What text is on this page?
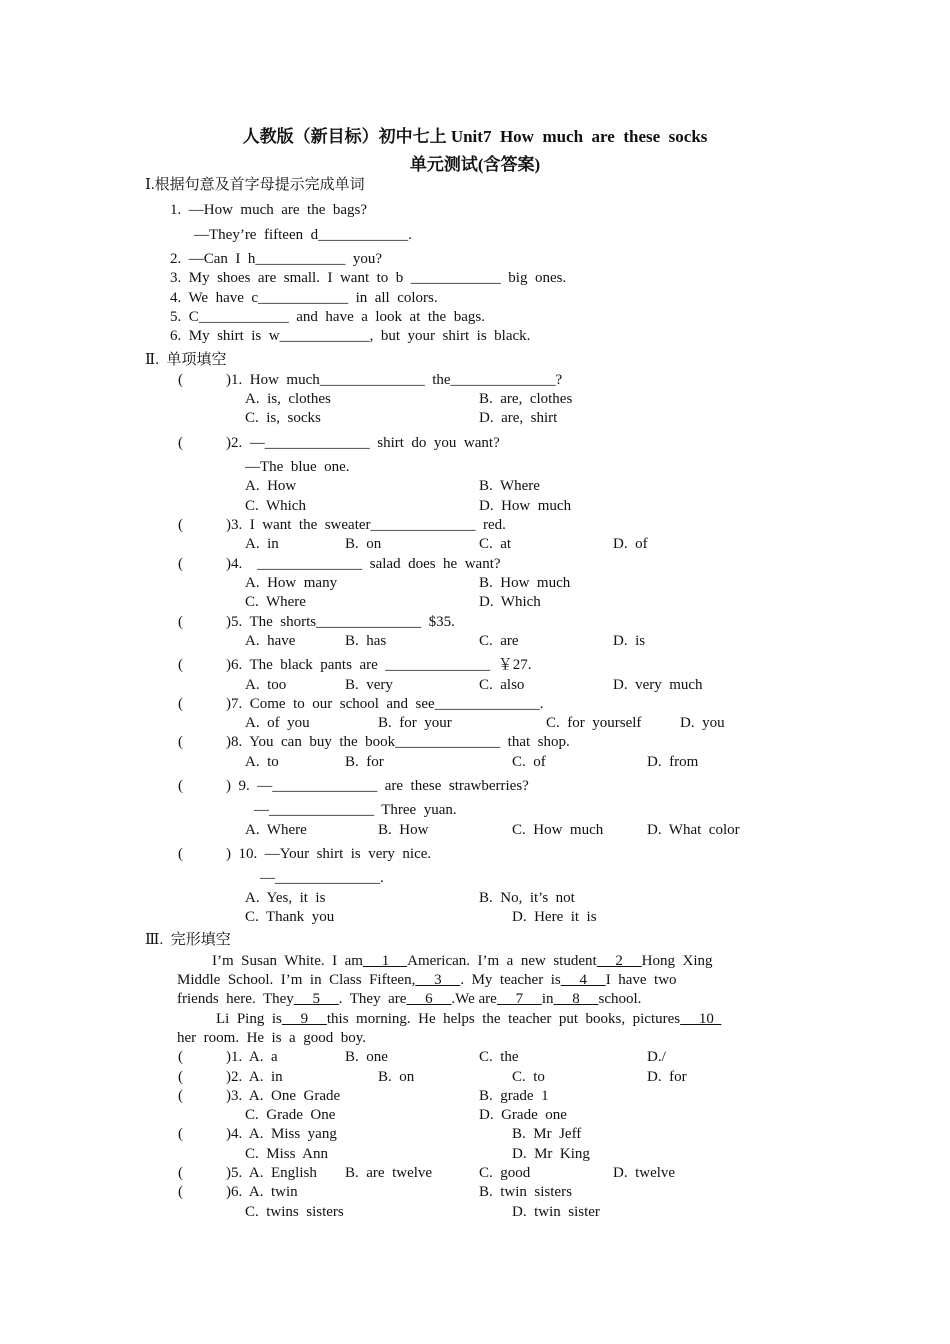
人教版（新目标）初中七上 Unit7  How  much  are  these  socks
单元测试(含答案)
Ⅰ.根据句意及首字母提示完成单词
1.  —How  much  are  the  bags?
—They’re  fifteen  d____________.
2.  —Can  I  h____________  you?
3.  My  shoes  are  small.  I  want  to  b  ____________  big  ones.
4.  We  have  c____________  in  all  colors.
5.  C____________  and  have  a  look  at  the  bags.
6.  My  shirt  is  w____________,  but  your  shirt  is  black.
Ⅱ.  单项填空
(	)1.  How  much______________  the______________?
A.  is,  clothes	B.  are,  clothes
C.  is,  socks	D.  are,  shirt
(	)2.  —______________  shirt  do  you  want?
—The  blue  one.
A.  How	B.  Where
C.  Which	D.  How  much
(	)3.  I  want  the  sweater______________  red.
A.  in	B.  on	C.  at	D.  of
(	)4.    ______________  salad  does  he  want?
A.  How  many	B.  How  much
C.  Where	D.  Which
(	)5.  The  shorts______________  $35.
A.  have	B.  has	C.  are	D.  is
(	)6.  The  black  pants  are  ______________  ￥27.
A.  too	B.  very	C.  also	D.  very  much
(	)7.  Come  to  our  school  and  see______________.
A.  of  you	B.  for  your	C.  for  yourself	D.  you
(	)8.  You  can  buy  the  book______________  that  shop.
A.  to	B.  for	C.  of	D.  from
(	)  9.  —______________  are  these  strawberries?
—______________  Three  yuan.
A.  Where	B.  How	C.  How  much	D.  What  color
(	)  10.  —Your  shirt  is  very  nice.
—______________.
A.  Yes,  it  is	B.  No,  it’s  not
C.  Thank  you	D.  Here  it  is
Ⅲ.  完形填空
I’m  Susan  White.  I  am     1     American.  I’m  a  new  student     2     Hong  Xing
Middle  School.  I’m  in  Class  Fifteen,     3     .  My  teacher  is     4     I  have  two
friends  here.  They     5     .  They  are     6     .We are     7     in     8     school.
Li  Ping  is     9     this  morning.  He  helps  the  teacher  put  books,  pictures     10
her  room.  He  is  a  good  boy.
(	)1.  A.  a	B.  one	C.  the	D./
(	)2.  A.  in	B.  on	C.  to	D.  for
(	)3.  A.  One  Grade	B.  grade  1
C.  Grade  One	D.  Grade  one
(	)4.  A.  Miss  yang	B.  Mr  Jeff
C.  Miss  Ann	D.  Mr  King
(	)5.  A.  English B.  are  twelve	C.  good	D.  twelve
(	)6.  A.  twin	B.  twin  sisters
C.  twins  sisters	D.  twin  sister
